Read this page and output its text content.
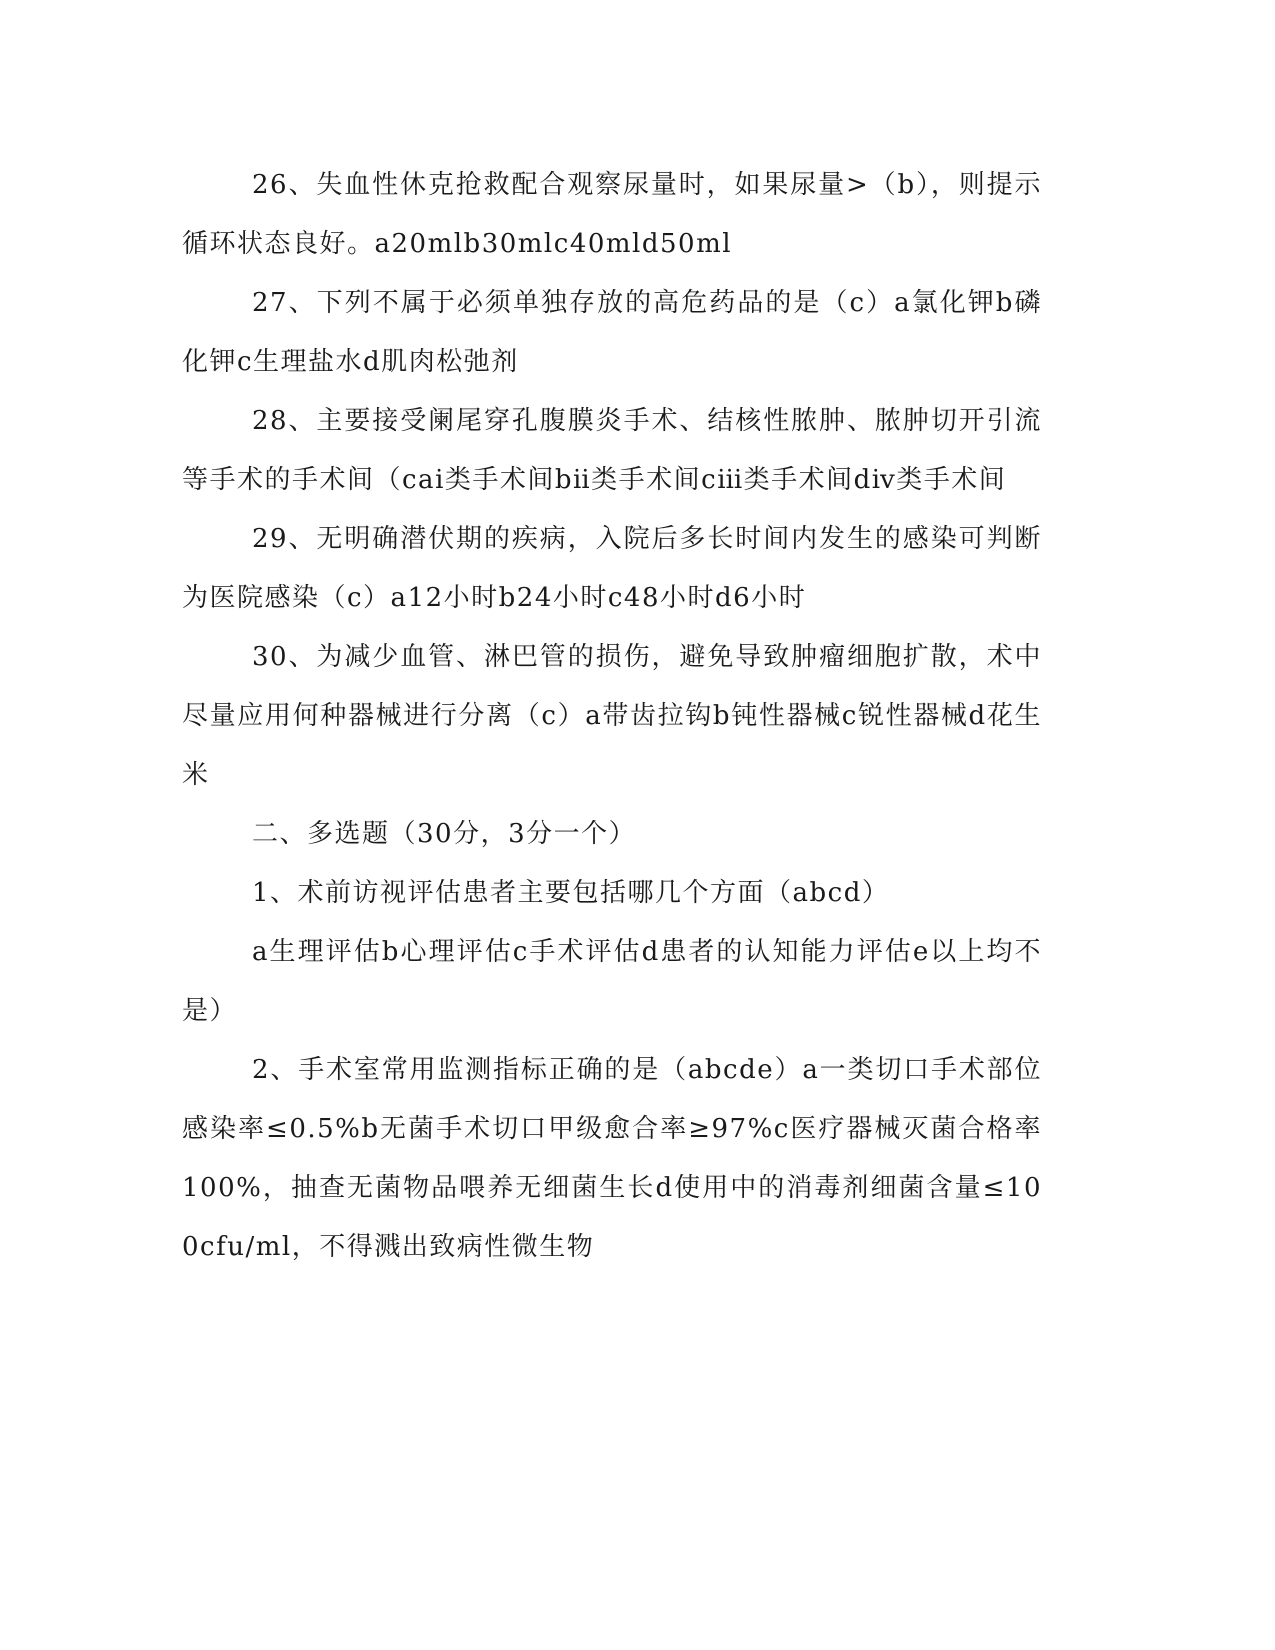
26、失血性休克抢救配合观察尿量时，如果尿量>（b），则提示循环状态良好。a20mlb30mlc40mld50ml

27、下列不属于必须单独存放的高危药品的是（c）a氯化钾b磷化钾c生理盐水d肌肉松弛剂

28、主要接受阑尾穿孔腹膜炎手术、结核性脓肿、脓肿切开引流等手术的手术间（caⅰ类手术间bⅱ类手术间cⅲ类手术间dⅳ类手术间

29、无明确潜伏期的疾病，入院后多长时间内发生的感染可判断为医院感染（c）a12小时b24小时c48小时d6小时

30、为减少血管、淋巴管的损伤，避免导致肿瘤细胞扩散，术中尽量应用何种器械进行分离（c）a带齿拉钩b钝性器械c锐性器械d花生米

二、多选题（30分，3分一个）

1、术前访视评估患者主要包括哪几个方面（abcd）

a生理评估b心理评估c手术评估d患者的认知能力评估e以上均不是）

2、手术室常用监测指标正确的是（abcde）a一类切口手术部位感染率≤0.5%b无菌手术切口甲级愈合率≥97%c医疗器械灭菌合格率100%，抽查无菌物品喂养无细菌生长d使用中的消毒剂细菌含量≤100cfu/ml，不得溅出致病性微生物
